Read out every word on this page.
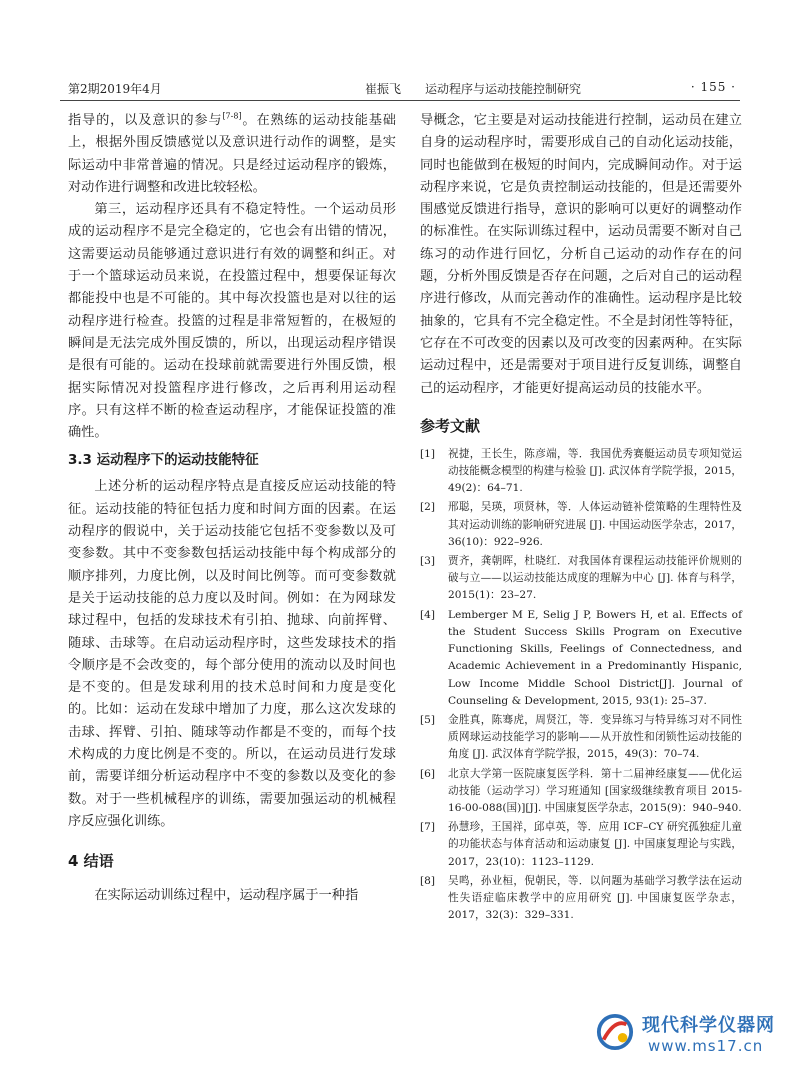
第2期2019年4月	崔振飞 运动程序与运动技能控制研究	· 155 ·

指导的，以及意识的参与[7-8]。在熟练的运动技能基础上，根据外围反馈感觉以及意识进行动作的调整，是实际运动中非常普遍的情况。只是经过运动程序的锻炼，对动作进行调整和改进比较轻松。

第三，运动程序还具有不稳定特性。一个运动员形成的运动程序不是完全稳定的，它也会有出错的情况，这需要运动员能够通过意识进行有效的调整和纠正。对于一个篮球运动员来说，在投篮过程中，想要保证每次都能投中也是不可能的。其中每次投篮也是对以往的运动程序进行检查。投篮的过程是非常短暂的，在极短的瞬间是无法完成外围反馈的，所以，出现运动程序错误是很有可能的。运动在投球前就需要进行外围反馈，根据实际情况对投篮程序进行修改，之后再利用运动程序。只有这样不断的检查运动程序，才能保证投篮的准确性。

3.3 运动程序下的运动技能特征

上述分析的运动程序特点是直接反应运动技能的特征。运动技能的特征包括力度和时间方面的因素。在运动程序的假说中，关于运动技能它包括不变参数以及可变参数。其中不变参数包括运动技能中每个构成部分的顺序排列，力度比例，以及时间比例等。而可变参数就是关于运动技能的总力度以及时间。例如：在为网球发球过程中，包括的发球技术有引拍、抛球、向前挥臂、随球、击球等。在启动运动程序时，这些发球技术的指令顺序是不会改变的，每个部分使用的流动以及时间也是不变的。但是发球利用的技术总时间和力度是变化的。比如：运动在发球中增加了力度，那么这次发球的击球、挥臂、引拍、随球等动作都是不变的，而每个技术构成的力度比例是不变的。所以，在运动员进行发球前，需要详细分析运动程序中不变的参数以及变化的参数。对于一些机械程序的训练，需要加强运动的机械程序反应强化训练。

4 结语

在实际运动训练过程中，运动程序属于一种指

导概念，它主要是对运动技能进行控制，运动员在建立自身的运动程序时，需要形成自己的自动化运动技能，同时也能做到在极短的时间内，完成瞬间动作。对于运动程序来说，它是负责控制运动技能的，但是还需要外围感觉反馈进行指导，意识的影响可以更好的调整动作的标准性。在实际训练过程中，运动员需要不断对自己练习的动作进行回忆，分析自己运动的动作存在的问题，分析外围反馈是否存在问题，之后对自己的运动程序进行修改，从而完善动作的准确性。运动程序是比较抽象的，它具有不完全稳定性。不全是封闭性等特征，它存在不可改变的因素以及可改变的因素两种。在实际运动过程中，还是需要对于项目进行反复训练，调整自己的运动程序，才能更好提高运动员的技能水平。

参考文献
[1] 祝捷，王长生，陈彦端，等．我国优秀赛艇运动员专项知觉运动技能概念模型的构建与检验 [J]. 武汉体育学院学报，2015，49(2)：64–71.
[2] 邢聪，吴瑛，项贤林，等．人体运动链补偿策略的生理特性及其对运动训练的影响研究进展 [J]. 中国运动医学杂志，2017，36(10)：922–926.
[3] 贾齐，龚朝晖，杜晓红．对我国体育课程运动技能评价规则的破与立——以运动技能达成度的理解为中心 [J]. 体育与科学，2015(1)：23–27.
[4] Lemberger M E, Selig J P, Bowers H, et al. Effects of the Student Success Skills Program on Executive Functioning Skills, Feelings of Connectedness, and Academic Achievement in a Predominantly Hispanic, Low Income Middle School District[J]. Journal of Counseling & Development, 2015, 93(1): 25–37.
[5] 金胜真，陈骞虎，周贤江，等．变异练习与特异练习对不同性质网球运动技能学习的影响——从开放性和闭锁性运动技能的角度 [J]. 武汉体育学院学报，2015，49(3)：70–74.
[6] 北京大学第一医院康复医学科．第十二届神经康复——优化运动技能（运动学习）学习班通知 [国家级继续教育项目 2015-16-00-088(国)][J]. 中国康复医学杂志，2015(9)：940–940.
[7] 孙慧珍，王国祥，邱卓英，等．应用 ICF–CY 研究孤独症儿童的功能状态与体育活动和运动康复 [J]. 中国康复理论与实践，2017，23(10)：1123–1129.
[8] 吴鸣，孙业桓，倪朝民，等．以问题为基础学习教学法在运动性失语症临床教学中的应用研究 [J]. 中国康复医学杂志，2017，32(3)：329–331.
现代科学仪器网
www.ms17.cn
